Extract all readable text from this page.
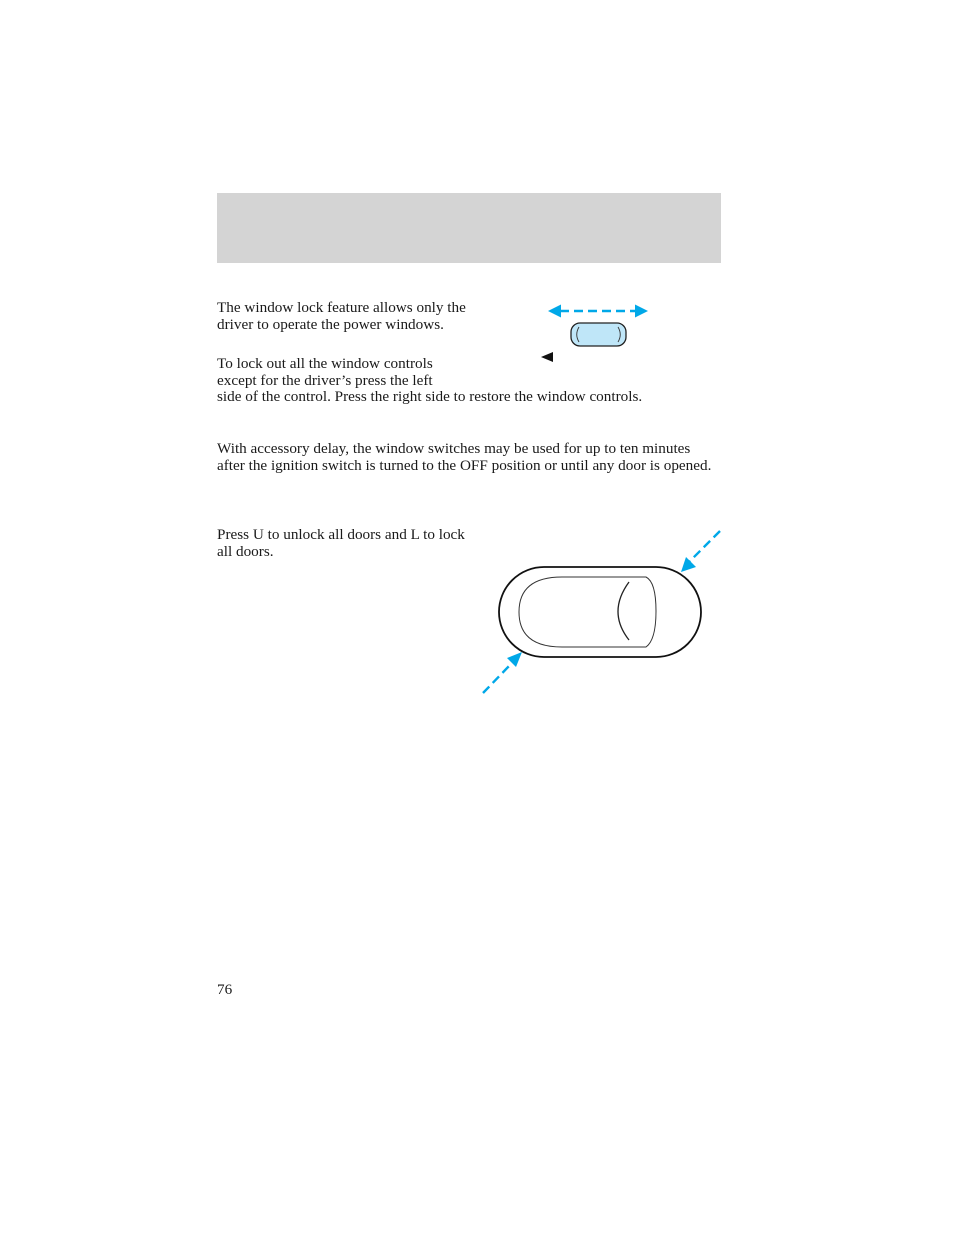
The window lock feature allows only the driver to operate the power windows.

To lock out all the window controls
except for the driver’s press the left
side of the control. Press the right side to restore the window controls.

With accessory delay, the window switches may be used for up to ten minutes after the ignition switch is turned to the OFF position or until any door is opened.

Press U to unlock all doors and L to lock all doors.

76
